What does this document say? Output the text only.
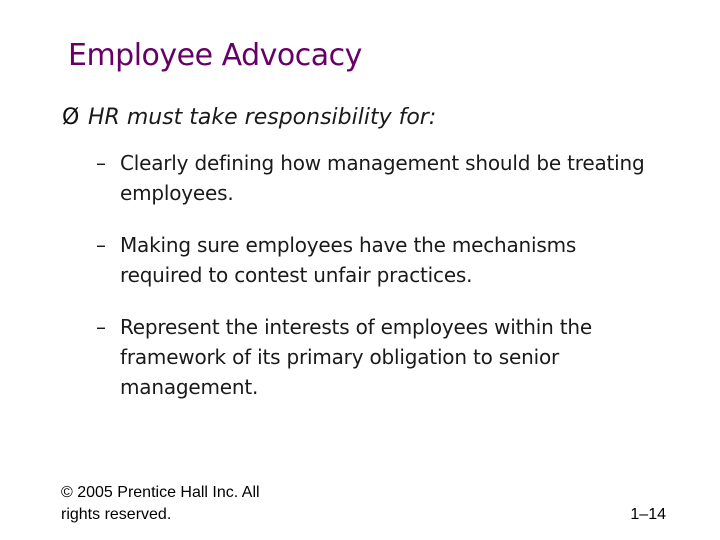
Employee Advocacy
Ø HR must take responsibility for:
– Clearly defining how management should be treating employees.
– Making sure employees have the mechanisms required to contest unfair practices.
– Represent the interests of employees within the framework of its primary obligation to senior management.
© 2005 Prentice Hall Inc. All rights reserved.	1–14
